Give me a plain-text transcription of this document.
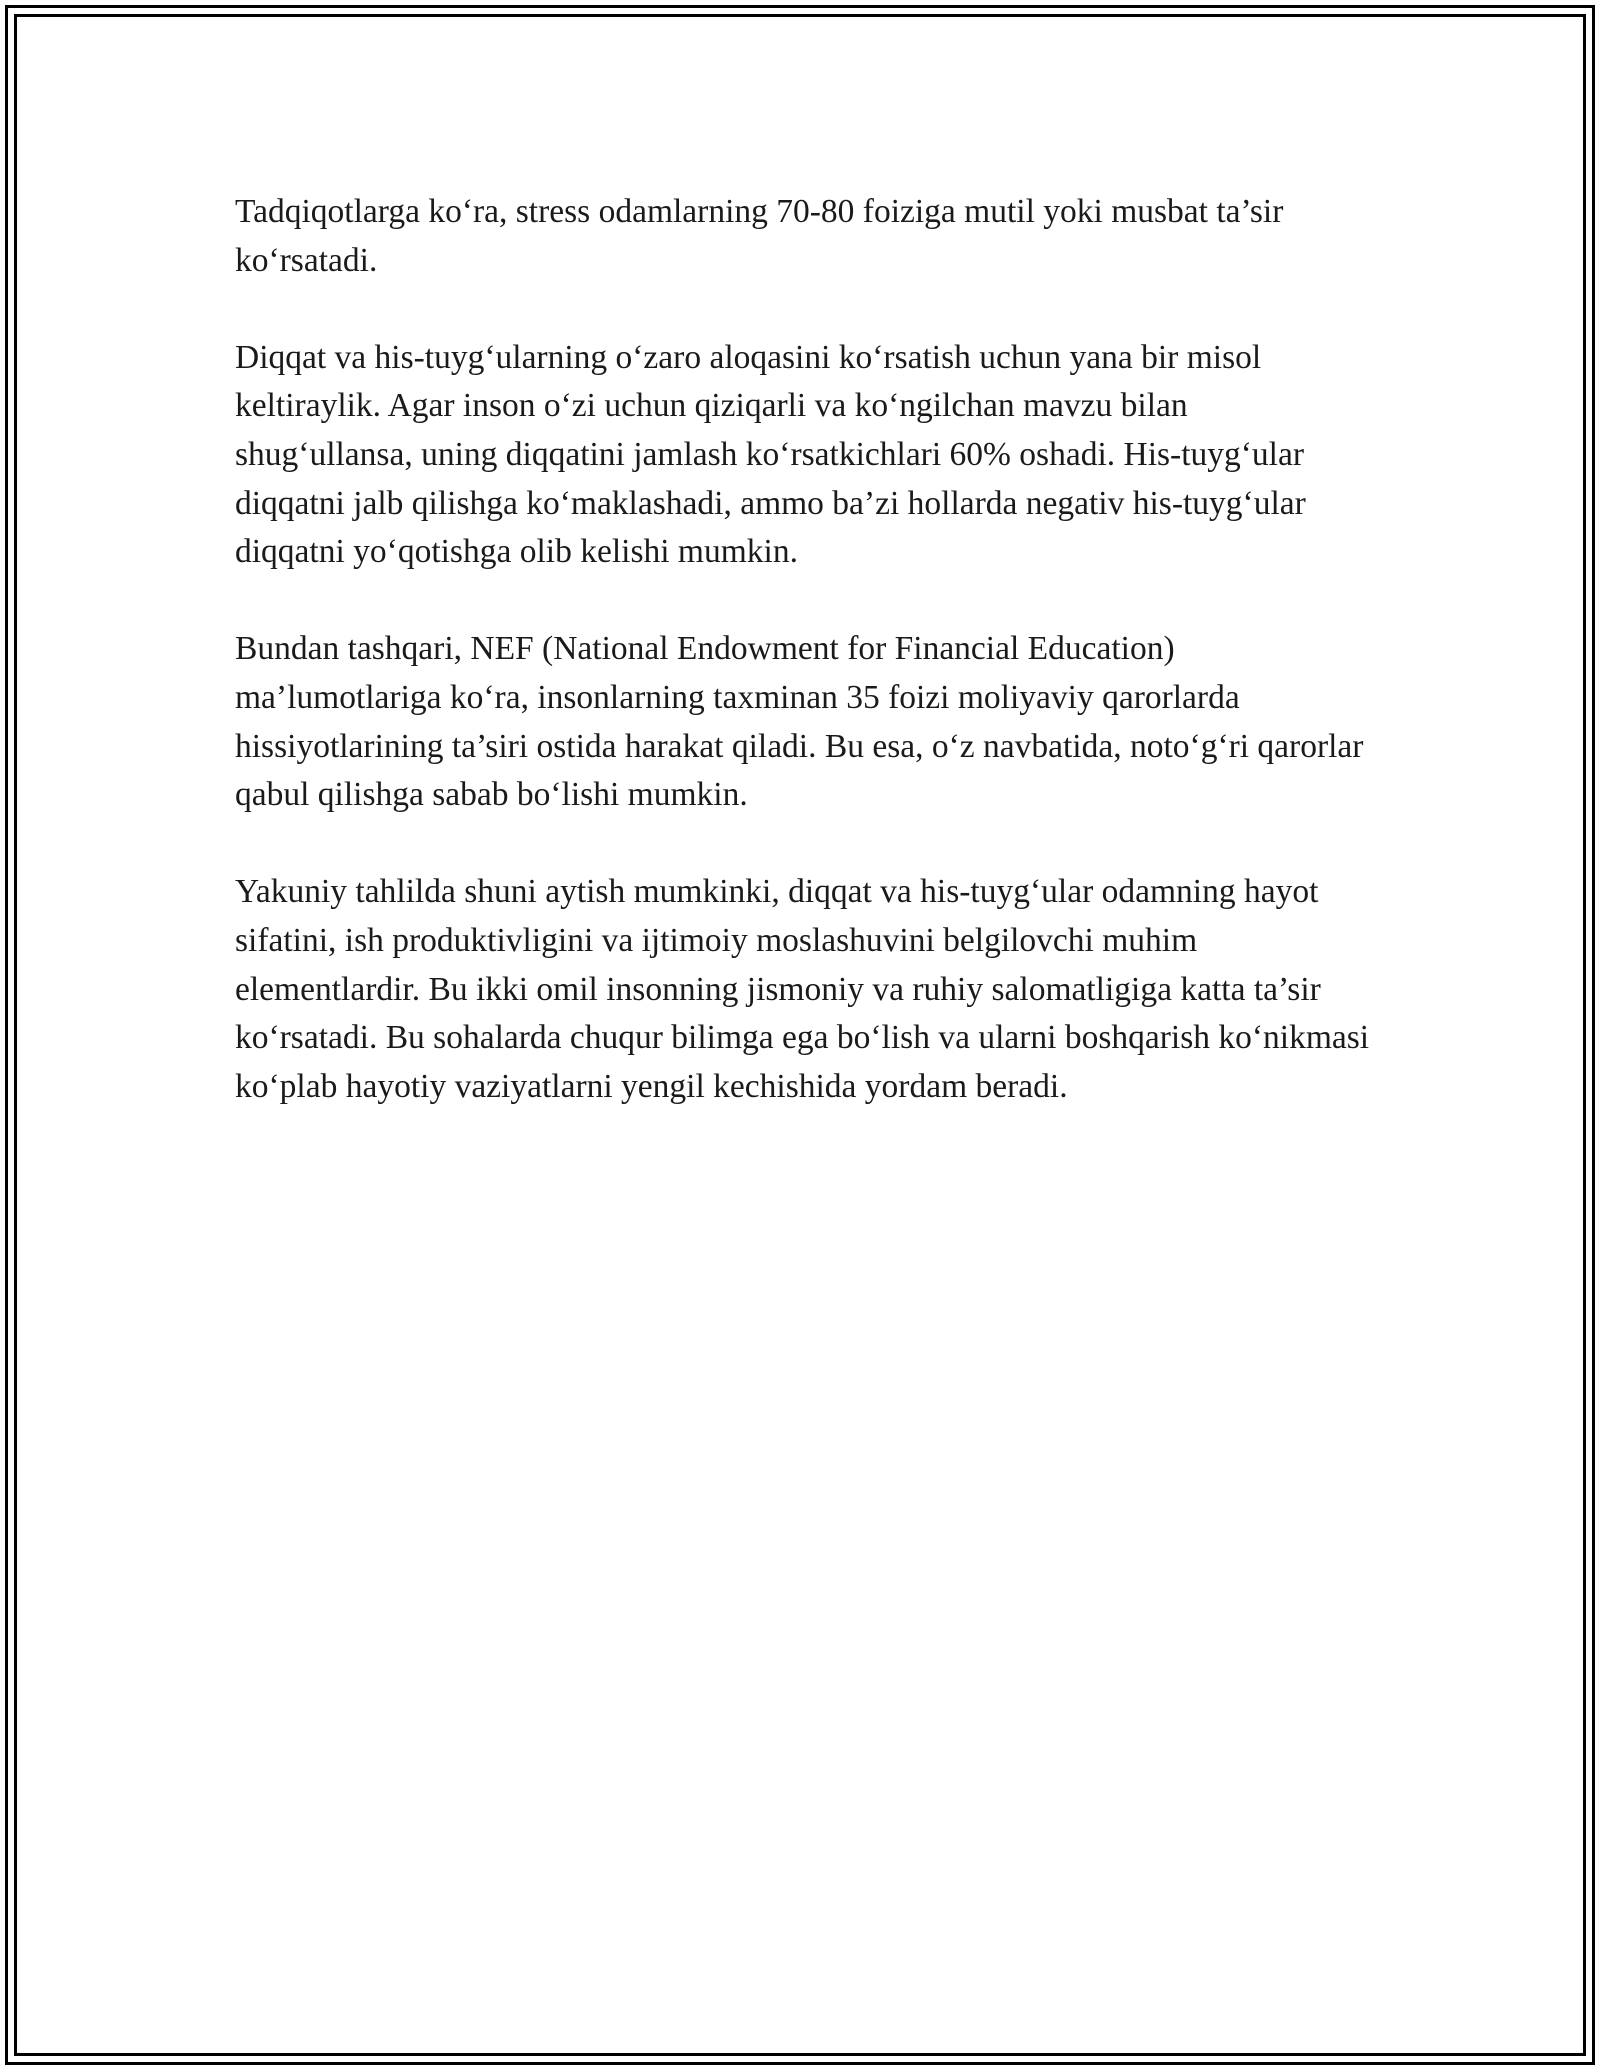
Tadqiqotlarga ko‘ra, stress odamlarning 70-80 foiziga mutil yoki musbat ta’sir ko‘rsatadi.

Diqqat va his-tuyg‘ularning o‘zaro aloqasini ko‘rsatish uchun yana bir misol keltiraylik. Agar inson o‘zi uchun qiziqarli va ko‘ngilchan mavzu bilan shug‘ullansa, uning diqqatini jamlash ko‘rsatkichlari 60% oshadi. His-tuyg‘ular diqqatni jalb qilishga ko‘maklashadi, ammo ba’zi hollarda negativ his-tuyg‘ular diqqatni yo‘qotishga olib kelishi mumkin.

Bundan tashqari, NEF (National Endowment for Financial Education) ma’lumotlariga ko‘ra, insonlarning taxminan 35 foizi moliyaviy qarorlarda hissiyotlarining ta’siri ostida harakat qiladi. Bu esa, o‘z navbatida, noto‘g‘ri qarorlar qabul qilishga sabab bo‘lishi mumkin.

Yakuniy tahlilda shuni aytish mumkinki, diqqat va his-tuyg‘ular odamning hayot sifatini, ish produktivligini va ijtimoiy moslashuvini belgilovchi muhim elementlardir. Bu ikki omil insonning jismoniy va ruhiy salomatligiga katta ta’sir ko‘rsatadi. Bu sohalarda chuqur bilimga ega bo‘lish va ularni boshqarish ko‘nikmasi ko‘plab hayotiy vaziyatlarni yengil kechishida yordam beradi.
